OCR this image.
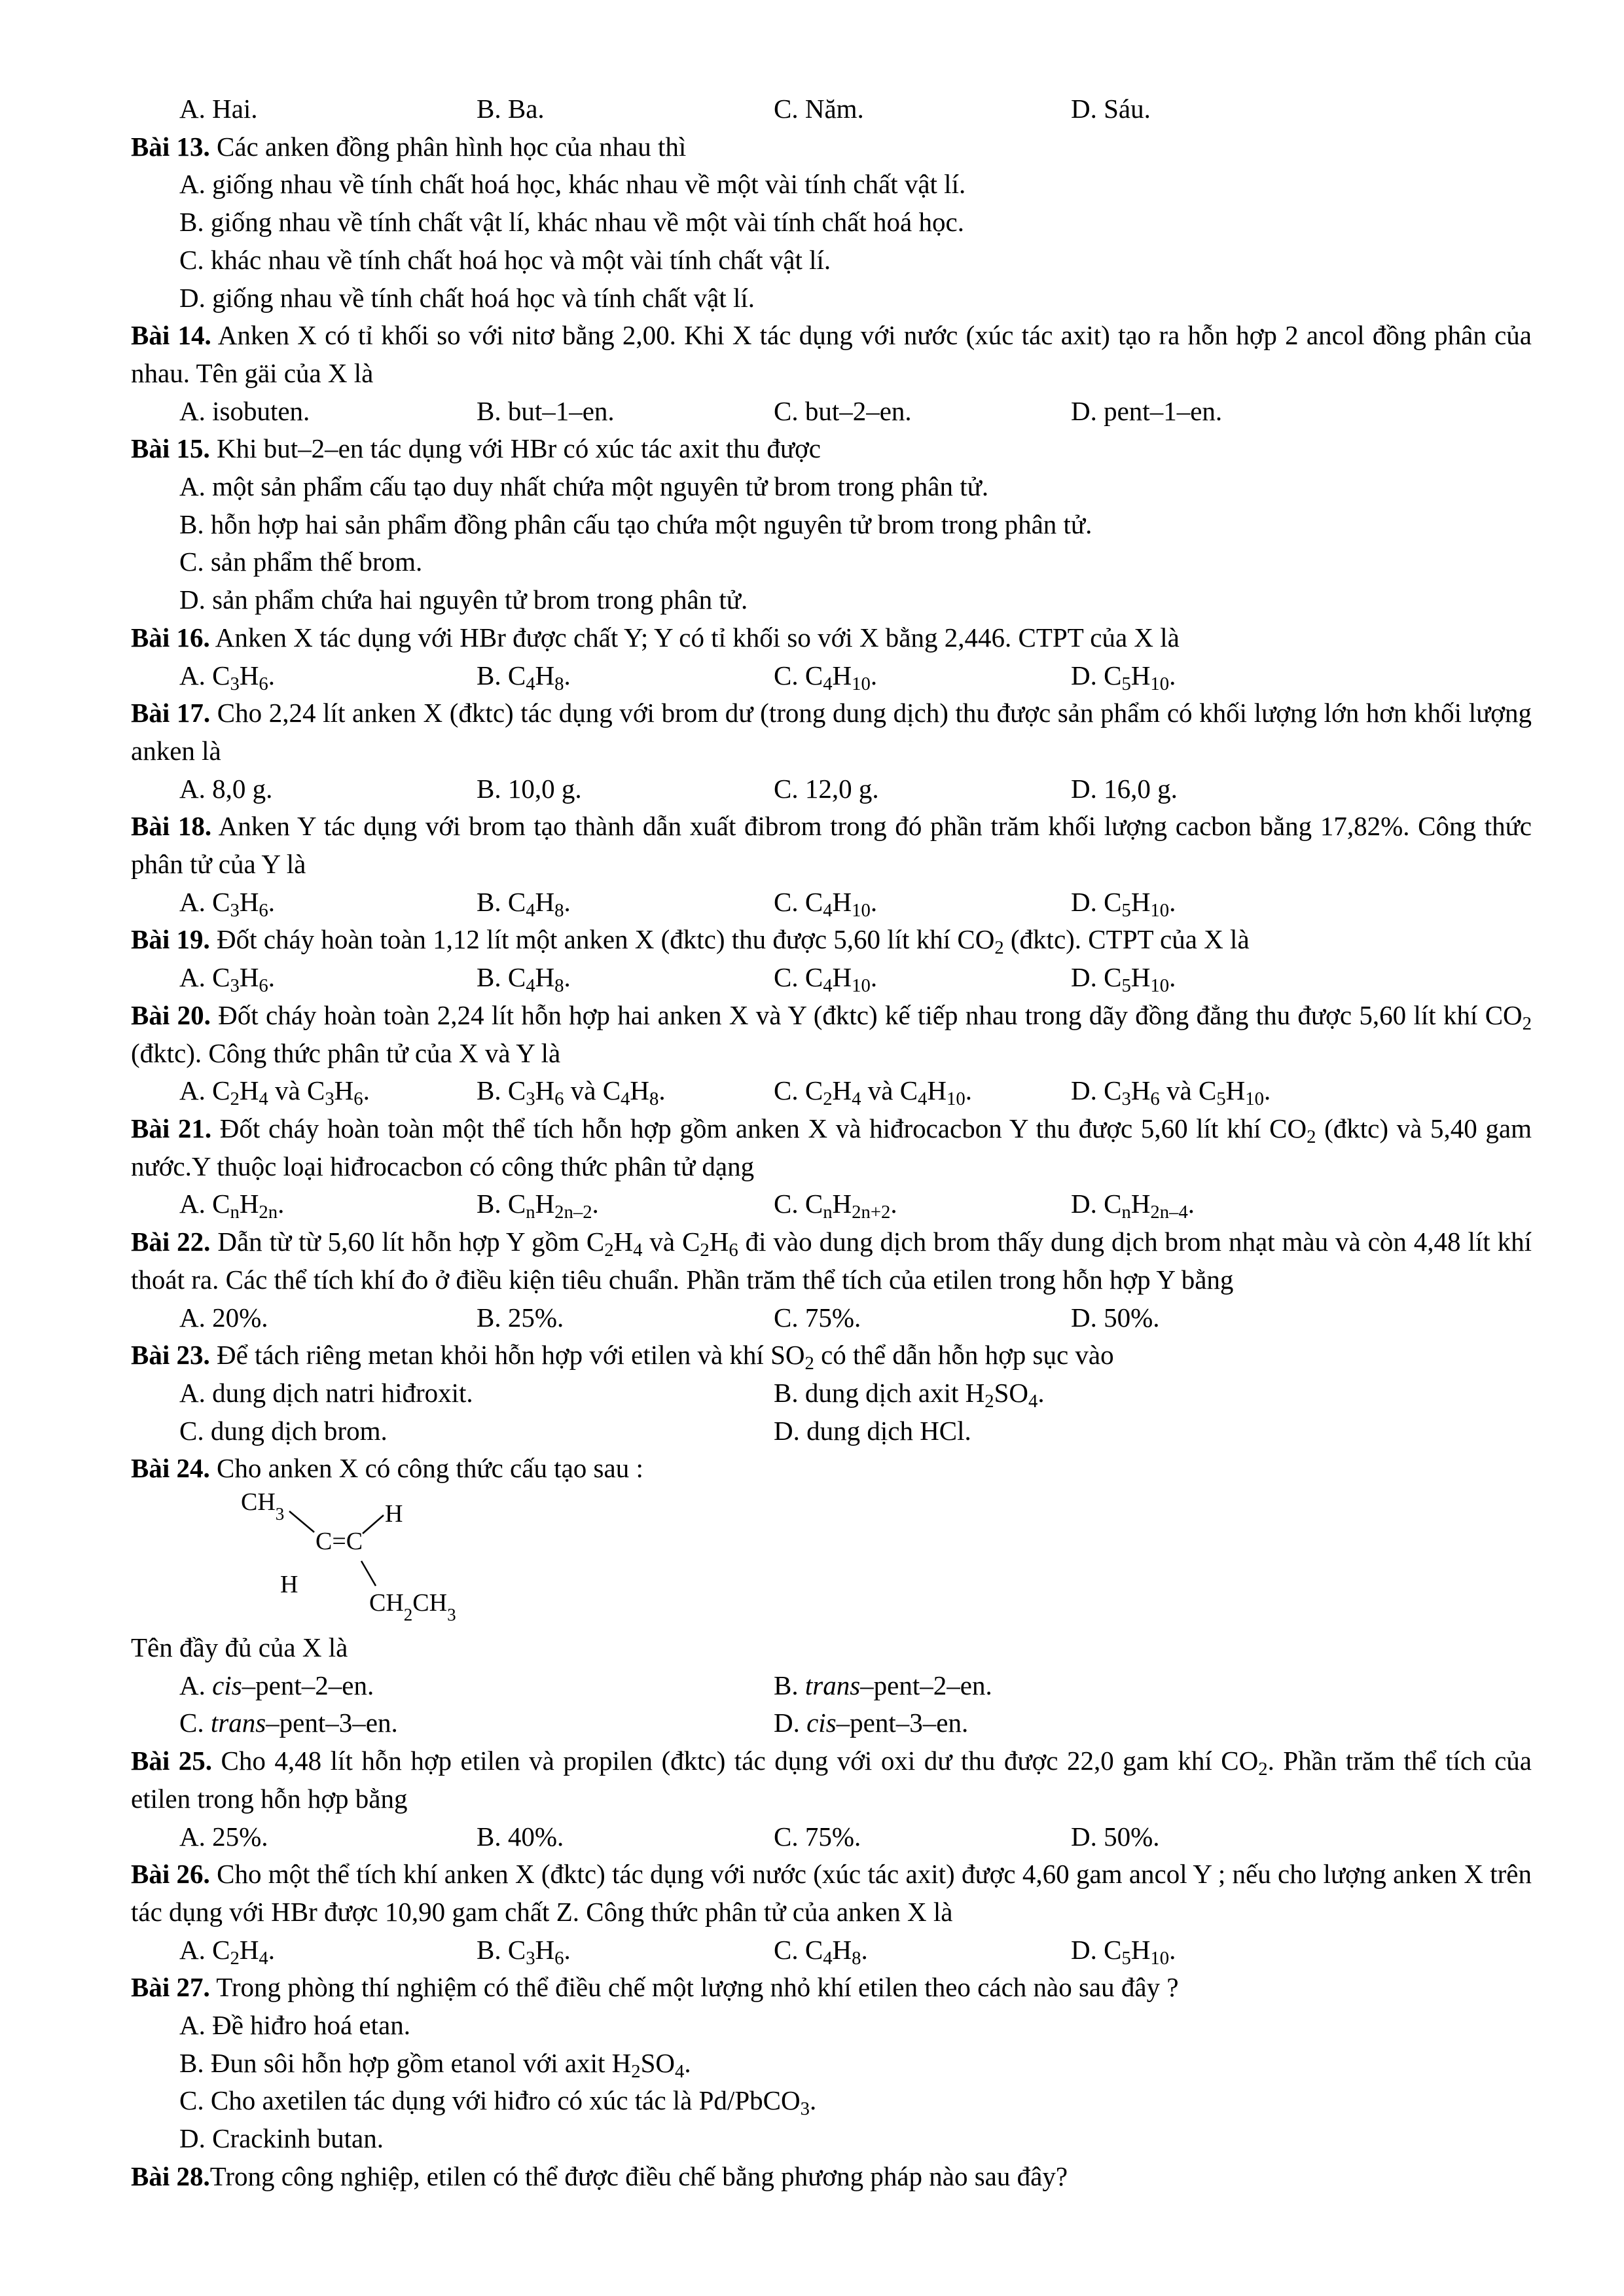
A. Hai.	B. Ba.	C. Năm.	D. Sáu.

Bài 13. Các anken đồng phân hình học của nhau thì

A. giống nhau về tính chất hoá học, khác nhau về một vài tính chất vật lí.

B. giống nhau về tính chất vật lí, khác nhau về một vài tính chất hoá học.

C. khác nhau về tính chất hoá học và một vài tính chất vật lí.

D. giống nhau về tính chất hoá học và tính chất vật lí.

Bài 14. Anken X có tỉ khối so với nitơ bằng 2,00. Khi X tác dụng với nước (xúc tác axit) tạo ra hỗn hợp 2 ancol đồng phân của nhau. Tên gäi của X là

A. isobuten.	B. but–1–en.	C. but–2–en.	D. pent–1–en.

Bài 15. Khi but–2–en tác dụng với HBr có xúc tác axit thu được

A. một sản phẩm cấu tạo duy nhất chứa một nguyên tử brom trong phân tử.

B. hỗn hợp hai sản phẩm đồng phân cấu tạo chứa một nguyên tử brom trong phân tử.

C. sản phẩm thế brom.

D. sản phẩm chứa hai nguyên tử brom trong phân tử.

Bài 16. Anken X tác dụng với HBr được chất Y; Y có tỉ khối so với X bằng 2,446. CTPT của X là

A. $C_3H_6$.	B. $C_4H_8$.	C. $C_4H_{10}$.	D. $C_5H_{10}$.

Bài 17. Cho 2,24 lít anken X (đktc) tác dụng với brom dư (trong dung dịch) thu được sản phẩm có khối lượng lớn hơn khối lượng anken là

A. 8,0 g.	B. 10,0 g.	C. 12,0 g.	D. 16,0 g.

Bài 18. Anken Y tác dụng với brom tạo thành dẫn xuất đibrom trong đó phần trăm khối lượng cacbon bằng 17,82%. Công thức phân tử của Y là

A. $C_3H_6$.	B. $C_4H_8$.	C. $C_4H_{10}$.	D. $C_5H_{10}$.

Bài 19. Đốt cháy hoàn toàn 1,12 lít một anken X (đktc) thu được 5,60 lít khí $CO_2$ (đktc). CTPT của X là

A. $C_3H_6$.	B. $C_4H_8$.	C. $C_4H_{10}$.	D. $C_5H_{10}$.

Bài 20. Đốt cháy hoàn toàn 2,24 lít hỗn hợp hai anken X và Y (đktc) kế tiếp nhau trong dãy đồng đẳng thu được 5,60 lít khí $CO_2$ (đktc). Công thức phân tử của X và Y là

A. $C_2H_4$ và $C_3H_6$.	B. $C_3H_6$ và $C_4H_8$.	C. $C_2H_4$ và $C_4H_{10}$.	D. $C_3H_6$ và $C_5H_{10}$.

Bài 21. Đốt cháy hoàn toàn một thể tích hỗn hợp gồm anken X và hiđrocacbon Y thu được 5,60 lít khí $CO_2$ (đktc) và 5,40 gam nước.Y thuộc loại hiđrocacbon có công thức phân tử dạng

A. $C_nH_{2n}$.	B. $C_nH_{2n-2}$.	C. $C_nH_{2n+2}$.	D. $C_nH_{2n-4}$.

Bài 22. Dẫn từ từ 5,60 lít hỗn hợp Y gồm $C_2H_4$ và $C_2H_6$ đi vào dung dịch brom thấy dung dịch brom nhạt màu và còn 4,48 lít khí thoát ra. Các thể tích khí đo ở điều kiện tiêu chuẩn. Phần trăm thể tích của etilen trong hỗn hợp Y bằng

A. 20%.	B. 25%.	C. 75%.	D. 50%.

Bài 23. Để tách riêng metan khỏi hỗn hợp với etilen và khí $SO_2$ có thể dẫn hỗn hợp sục vào

A. dung dịch natri hiđroxit.	B. dung dịch axit $H_2SO_4$.
C. dung dịch brom.	D. dung dịch HCl.

Bài 24. Cho anken X có công thức cấu tạo sau :

$CH_3$	H
C=C
H
$CH_2CH_3$

Tên đầy đủ của X là

A. cis–pent–2–en.	B. trans–pent–2–en.
C. trans–pent–3–en.	D. cis–pent–3–en.

Bài 25. Cho 4,48 lít hỗn hợp etilen và propilen (đktc) tác dụng với oxi dư thu được 22,0 gam khí $CO_2$. Phần trăm thể tích của etilen trong hỗn hợp bằng

A. 25%.	B. 40%.	C. 75%.	D. 50%.

Bài 26. Cho một thể tích khí anken X (đktc) tác dụng với nước (xúc tác axit) được 4,60 gam ancol Y ; nếu cho lượng anken X trên tác dụng với HBr được 10,90 gam chất Z. Công thức phân tử của anken X là

A. $C_2H_4$.	B. $C_3H_6$.	C. $C_4H_8$.	D. $C_5H_{10}$.

Bài 27. Trong phòng thí nghiệm có thể điều chế một lượng nhỏ khí etilen theo cách nào sau đây ?

A. Đề hiđro hoá etan.

B. Đun sôi hỗn hợp gồm etanol với axit $H_2SO_4$.

C. Cho axetilen tác dụng với hiđro có xúc tác là Pd/PbCO$_3$.

D. Crackinh butan.

Bài 28.Trong công nghiệp, etilen có thể được điều chế bằng phương pháp nào sau đây?
